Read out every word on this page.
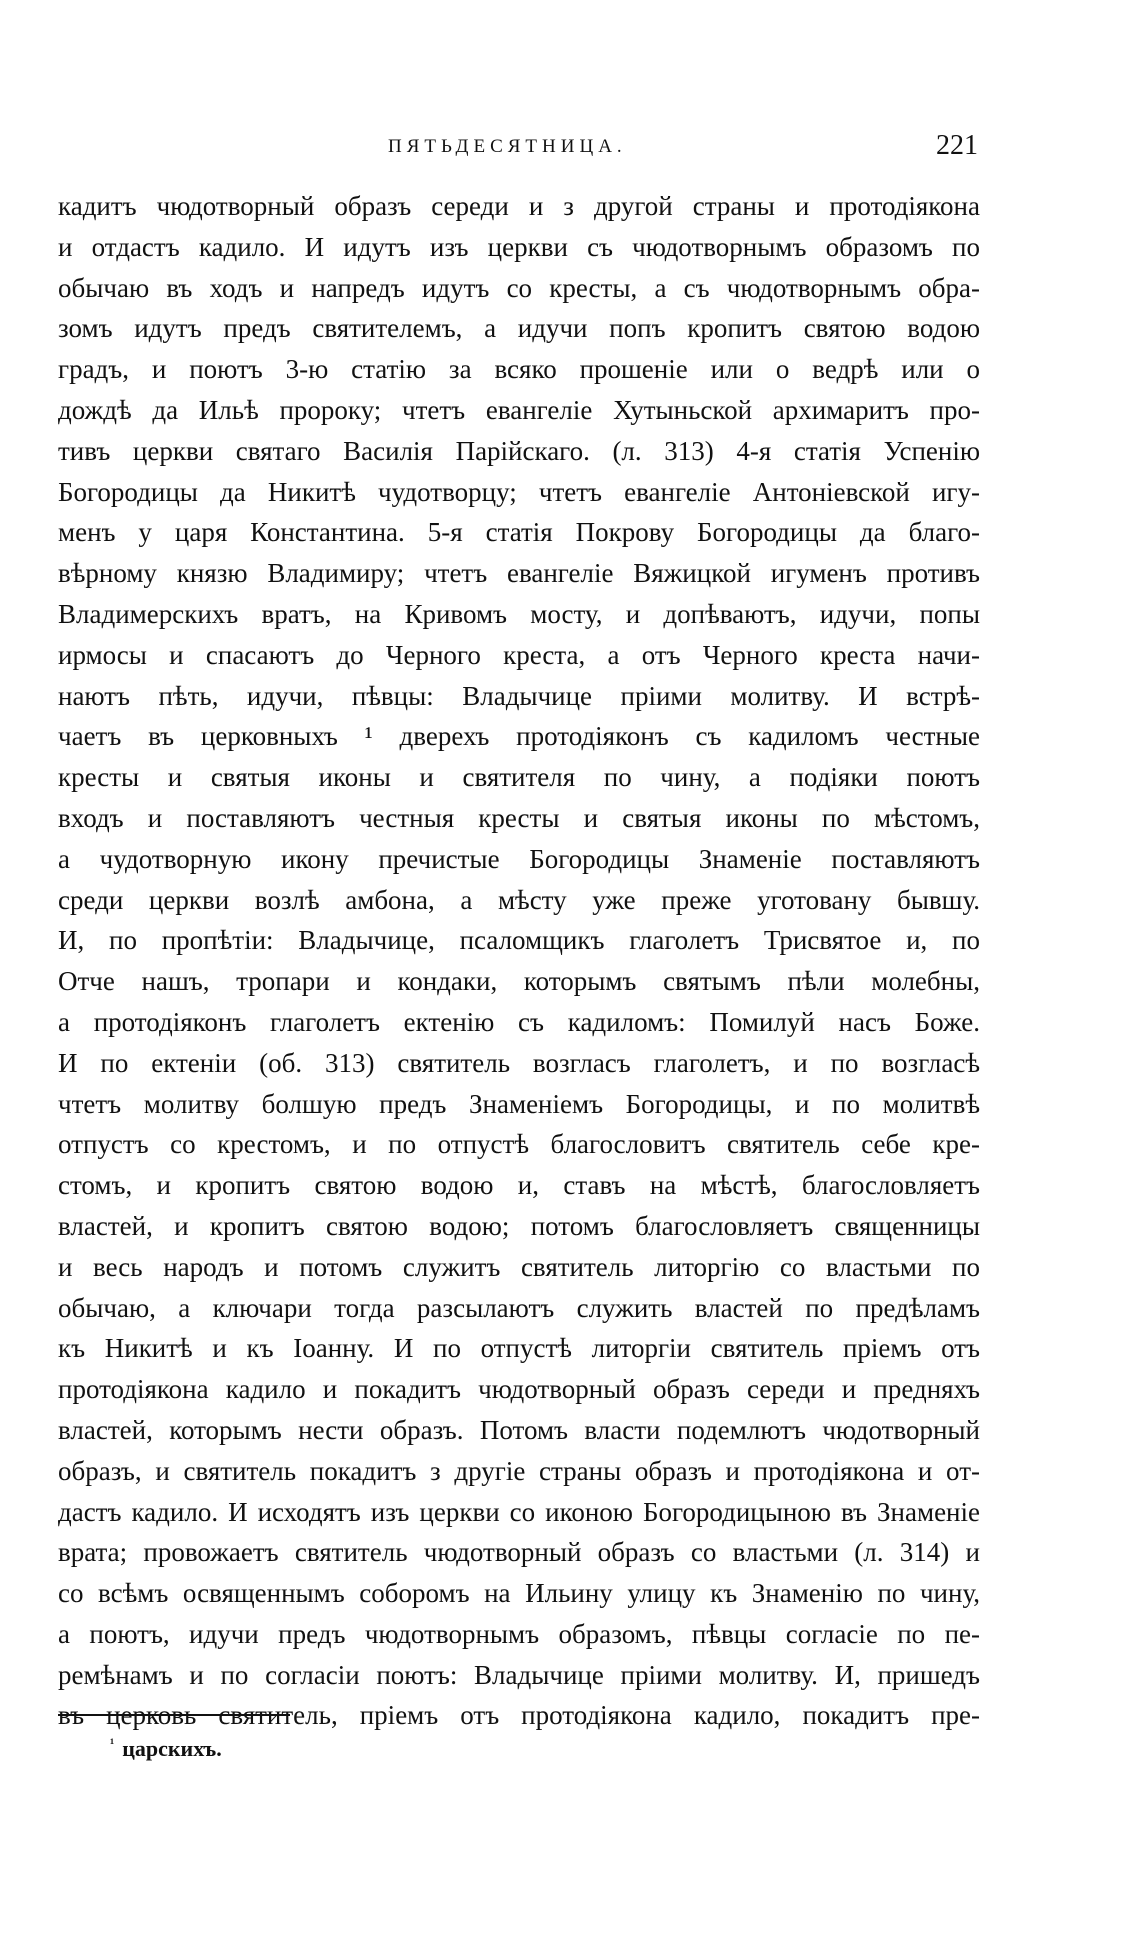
ПЯТЬДЕСЯТНИЦА.	221
кадитъ чюдотворный образъ середи и з другой страны и протодіякона
и отдастъ кадило. И идутъ изъ церкви съ чюдотворнымъ образомъ по
обычаю въ ходъ и напредъ идутъ со кресты, а съ чюдотворнымъ обра-
зомъ идутъ предъ святителемъ, а идучи попъ кропитъ святою водою
градъ, и поютъ 3-ю статію за всяко прошеніе или о ведрѣ или о
дождѣ да Ильѣ пророку; чтетъ евангеліе Хутыньской архимаритъ про-
тивъ церкви святаго Василія Парійскаго. (л. 313) 4-я статія Успенію
Богородицы да Никитѣ чудотворцу; чтетъ евангеліе Антоніевской игу-
менъ у царя Константина. 5-я статія Покрову Богородицы да благо-
вѣрному князю Владимиру; чтетъ евангеліе Вяжицкой игуменъ противъ
Владимерскихъ вратъ, на Кривомъ мосту, и допѣваютъ, идучи, попы
ирмосы и спасаютъ до Черного креста, а отъ Черного креста начи-
наютъ пѣть, идучи, пѣвцы: Владычице пріими молитву. И встрѣ-
чаетъ въ церковныхъ ¹ дверехъ протодіяконъ съ кадиломъ честные
кресты и святыя иконы и святителя по чину, а подіяки поютъ
входъ и поставляютъ честныя кресты и святыя иконы по мѣстомъ,
а чудотворную икону пречистые Богородицы Знаменіе поставляютъ
среди церкви возлѣ амбона, а мѣсту уже преже уготовану бывшу.
И, по пропѣтіи: Владычице, псаломщикъ глаголетъ Трисвятое и, по
Отче нашъ, тропари и кондаки, которымъ святымъ пѣли молебны,
а протодіяконъ глаголетъ ектенію съ кадиломъ: Помилуй насъ Боже.
И по ектеніи (об. 313) святитель возгласъ глаголетъ, и по возгласѣ
чтетъ молитву болшую предъ Знаменіемъ Богородицы, и по молитвѣ
отпустъ со крестомъ, и по отпустѣ благословитъ святитель себе кре-
стомъ, и кропитъ святою водою и, ставъ на мѣстѣ, благословляетъ
властей, и кропитъ святою водою; потомъ благословляетъ священницы
и весь народъ и потомъ служитъ святитель литоргію со властьми по
обычаю, а ключари тогда разсылаютъ служить властей по предѣламъ
къ Никитѣ и къ Іоанну. И по отпустѣ литоргіи святитель пріемъ отъ
протодіякона кадило и покадитъ чюдотворный образъ середи и предняхъ
властей, которымъ нести образъ. Потомъ власти подемлютъ чюдотворный
образъ, и святитель покадитъ з другіе страны образъ и протодіякона и от-
дастъ кадило. И исходятъ изъ церкви со иконою Богородицыною въ Знаменіе
врата; провожаетъ святитель чюдотворный образъ со властьми (л. 314) и
со всѣмъ освященнымъ соборомъ на Ильину улицу къ Знаменію по чину,
а поютъ, идучи предъ чюдотворнымъ образомъ, пѣвцы согласіе по пе-
ремѣнамъ и по согласіи поютъ: Владычице пріими молитву. И, пришедъ
въ церковь святитель, пріемъ отъ протодіякона кадило, покадитъ пре-
$^{^1}$ царскихъ.
